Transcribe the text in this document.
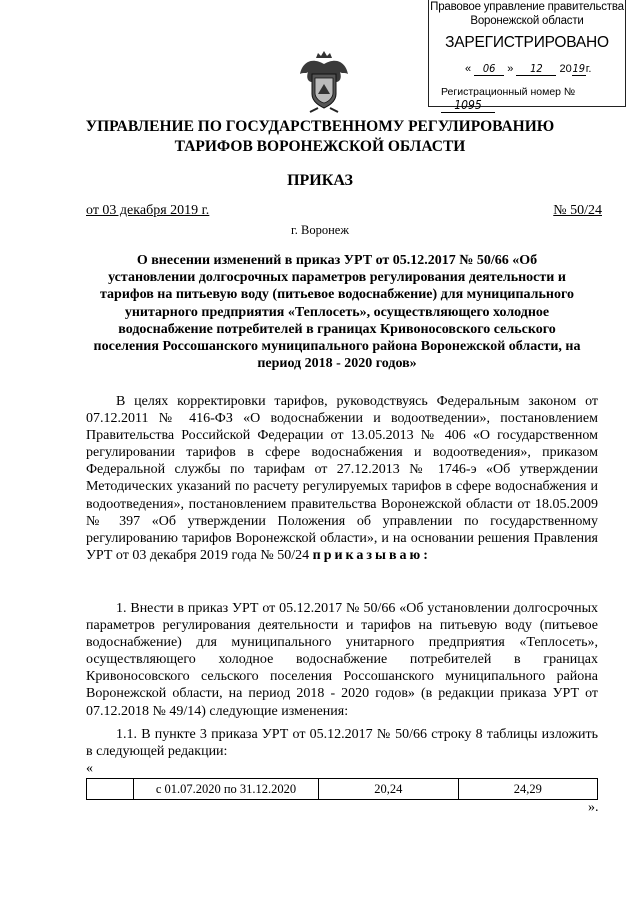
Правовое управление правительства
Воронежской области
ЗАРЕГИСТРИРОВАНО
« 06 » 12 2019г.
Регистрационный номер № 1095
УПРАВЛЕНИЕ ПО ГОСУДАРСТВЕННОМУ РЕГУЛИРОВАНИЮ
ТАРИФОВ ВОРОНЕЖСКОЙ ОБЛАСТИ
ПРИКАЗ
от 03 декабря 2019 г.	№ 50/24
г. Воронеж
О внесении изменений в приказ УРТ от 05.12.2017 № 50/66 «Об установлении долгосрочных параметров регулирования деятельности и тарифов на питьевую воду (питьевое водоснабжение) для муниципального унитарного предприятия «Теплосеть», осуществляющего холодное водоснабжение потребителей в границах Кривоносовского сельского поселения Россошанского муниципального района Воронежской области, на период 2018 - 2020 годов»
В целях корректировки тарифов, руководствуясь Федеральным законом от 07.12.2011 № 416-ФЗ «О водоснабжении и водоотведении», постановлением Правительства Российской Федерации от 13.05.2013 № 406 «О государственном регулировании тарифов в сфере водоснабжения и водоотведения», приказом Федеральной службы по тарифам от 27.12.2013 № 1746-э «Об утверждении Методических указаний по расчету регулируемых тарифов в сфере водоснабжения и водоотведения», постановлением правительства Воронежской области от 18.05.2009 № 397 «Об утверждении Положения об управлении по государственному регулированию тарифов Воронежской области», и на основании решения Правления УРТ от 03 декабря 2019 года № 50/24 приказываю:
1. Внести в приказ УРТ от 05.12.2017 № 50/66 «Об установлении долгосрочных параметров регулирования деятельности и тарифов на питьевую воду (питьевое водоснабжение) для муниципального унитарного предприятия «Теплосеть», осуществляющего холодное водоснабжение потребителей в границах Кривоносовского сельского поселения Россошанского муниципального района Воронежской области, на период 2018 - 2020 годов» (в редакции приказа УРТ от 07.12.2018 № 49/14) следующие изменения:
1.1. В пункте 3 приказа УРТ от 05.12.2017 № 50/66 строку 8 таблицы изложить в следующей редакции:
«
	с 01.07.2020 по 31.12.2020	20,24	24,29
».
